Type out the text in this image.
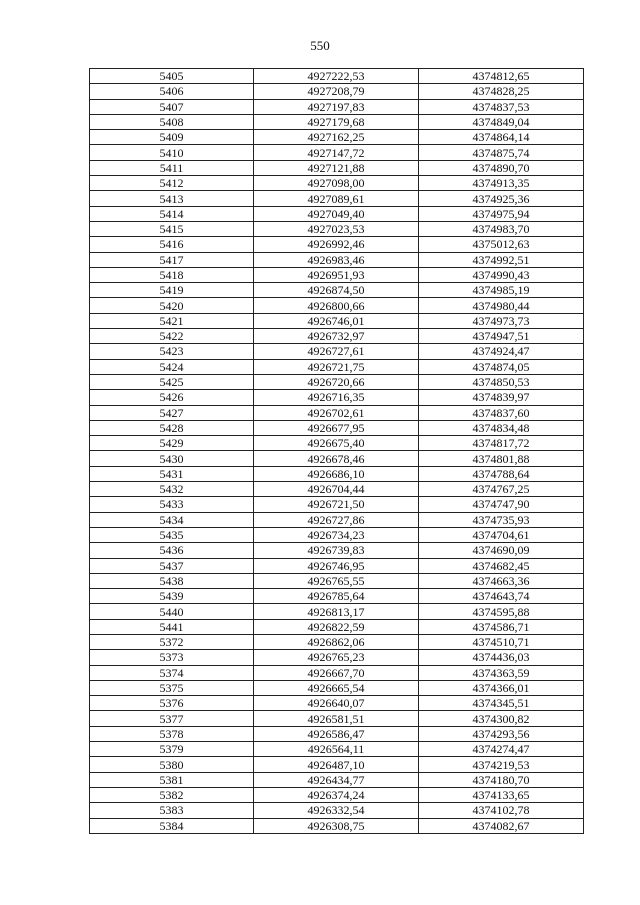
550
5405	4927222,53	4374812,65
5406	4927208,79	4374828,25
5407	4927197,83	4374837,53
5408	4927179,68	4374849,04
5409	4927162,25	4374864,14
5410	4927147,72	4374875,74
5411	4927121,88	4374890,70
5412	4927098,00	4374913,35
5413	4927089,61	4374925,36
5414	4927049,40	4374975,94
5415	4927023,53	4374983,70
5416	4926992,46	4375012,63
5417	4926983,46	4374992,51
5418	4926951,93	4374990,43
5419	4926874,50	4374985,19
5420	4926800,66	4374980,44
5421	4926746,01	4374973,73
5422	4926732,97	4374947,51
5423	4926727,61	4374924,47
5424	4926721,75	4374874,05
5425	4926720,66	4374850,53
5426	4926716,35	4374839,97
5427	4926702,61	4374837,60
5428	4926677,95	4374834,48
5429	4926675,40	4374817,72
5430	4926678,46	4374801,88
5431	4926686,10	4374788,64
5432	4926704,44	4374767,25
5433	4926721,50	4374747,90
5434	4926727,86	4374735,93
5435	4926734,23	4374704,61
5436	4926739,83	4374690,09
5437	4926746,95	4374682,45
5438	4926765,55	4374663,36
5439	4926785,64	4374643,74
5440	4926813,17	4374595,88
5441	4926822,59	4374586,71
5372	4926862,06	4374510,71
5373	4926765,23	4374436,03
5374	4926667,70	4374363,59
5375	4926665,54	4374366,01
5376	4926640,07	4374345,51
5377	4926581,51	4374300,82
5378	4926586,47	4374293,56
5379	4926564,11	4374274,47
5380	4926487,10	4374219,53
5381	4926434,77	4374180,70
5382	4926374,24	4374133,65
5383	4926332,54	4374102,78
5384	4926308,75	4374082,67
